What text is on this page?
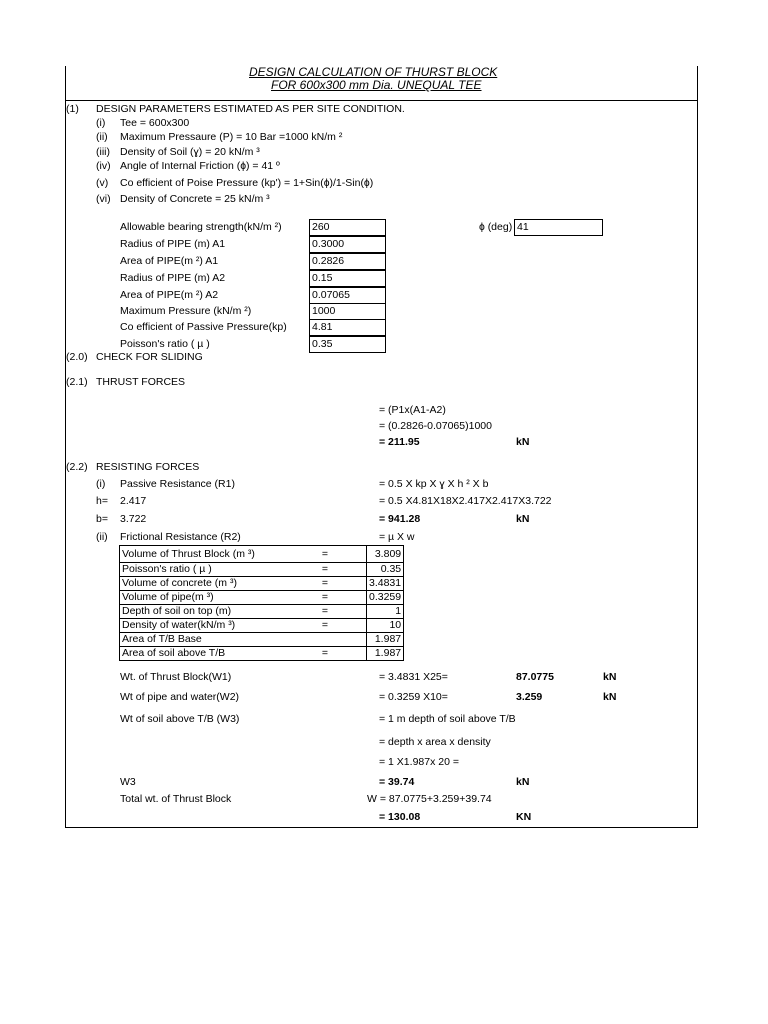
DESIGN CALCULATION OF THURST BLOCK
FOR 600x300 mm Dia. UNEQUAL TEE
(1) DESIGN PARAMETERS ESTIMATED AS PER SITE CONDITION.
(i) Tee = 600x300
(ii) Maximum Pressaure (P) = 10 Bar =1000 kN/m ²
(iii) Density of Soil (ɣ) = 20 kN/m ³
(iv) Angle of Internal Friction (ɸ) = 41 º
(v) Co efficient of Poise Pressure (kp') = 1+Sin(ɸ)/1-Sin(ɸ)
(vi) Density of Concrete = 25 kN/m ³
Allowable bearing strength(kN/m ²)	260
Radius of PIPE (m) A1	0.3000
Area of PIPE(m ²) A1	0.2826
Radius of PIPE (m) A2	0.15
Area of PIPE(m ²) A2	0.07065
Maximum Pressure (kN/m ²)	1000
Co efficient of Passive Pressure(kp) 4.81
Poisson's ratio ( µ )	0.35
ɸ (deg) 41
(2.0) CHECK FOR SLIDING
(2.1) THRUST FORCES
= (P1x(A1-A2)
= (0.2826-0.07065)1000
= 211.95	kN
(2.2) RESISTING FORCES
(i) Passive Resistance (R1)	= 0.5 X kp X ɣ X h ² X b
h= 2.417	= 0.5 X4.81X18X2.417X2.417X3.722
b= 3.722	= 941.28	kN
(ii) Frictional Resistance (R2)	= µ X w
Volume of Thrust Block (m ³)	=	3.809
Poisson's ratio ( µ )	=	0.35
Volume of concrete (m ³)	=	3.4831
Volume of pipe(m ³)	=	0.3259
Depth of soil on top (m)	=	1
Density of water(kN/m ³)	=	10
Area of T/B Base		1.987
Area of soil above T/B	=	1.987
Wt. of Thrust Block(W1)	= 3.4831 X25=	87.0775	kN
Wt of pipe and water(W2)	= 0.3259 X10=	3.259	kN
Wt of soil above T/B (W3)	= 1 m depth of soil above T/B
= depth x area x density
= 1 X1.987x 20 =
W3	= 39.74	kN
Total wt. of Thrust Block	W = 87.0775+3.259+39.74
= 130.08	KN
